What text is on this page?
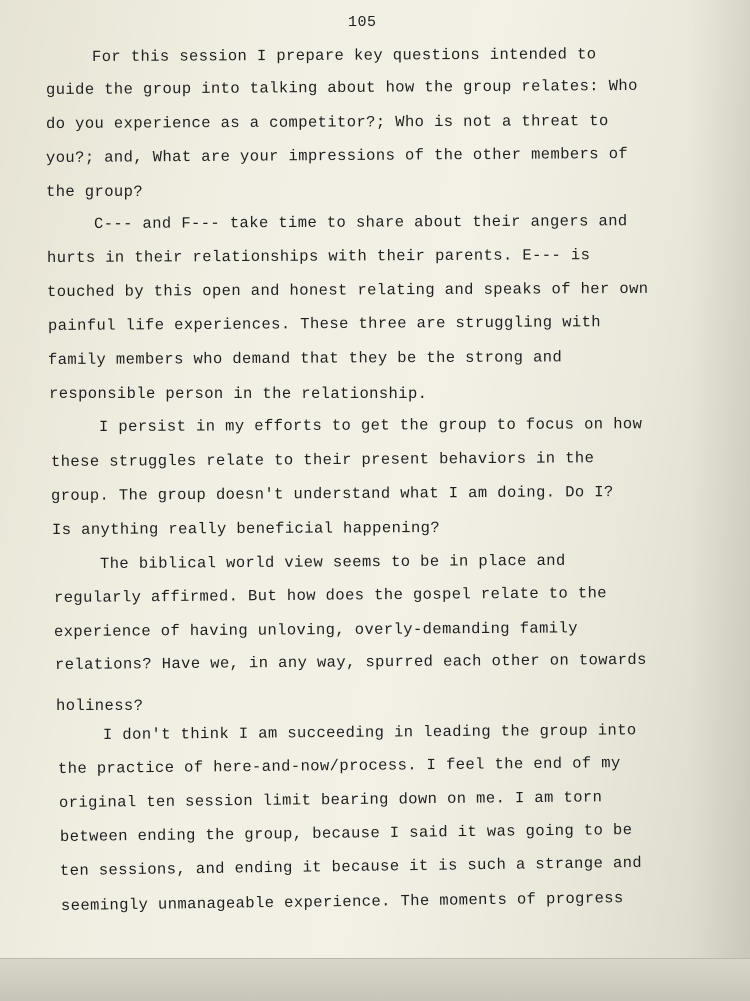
105
For this session I prepare key questions intended to
guide the group into talking about how the group relates: Who
do you experience as a competitor?; Who is not a threat to
you?; and, What are your impressions of the other members of
the group?
C--- and F--- take time to share about their angers and
hurts in their relationships with their parents. E--- is
touched by this open and honest relating and speaks of her own
painful life experiences. These three are struggling with
family members who demand that they be the strong and
responsible person in the relationship.
I persist in my efforts to get the group to focus on how
these struggles relate to their present behaviors in the
group. The group doesn't understand what I am doing. Do I?
Is anything really beneficial happening?
The biblical world view seems to be in place and
regularly affirmed. But how does the gospel relate to the
experience of having unloving, overly-demanding family
relations? Have we, in any way, spurred each other on towards
holiness?
I don't think I am succeeding in leading the group into
the practice of here-and-now/process. I feel the end of my
original ten session limit bearing down on me. I am torn
between ending the group, because I said it was going to be
ten sessions, and ending it because it is such a strange and
seemingly unmanageable experience. The moments of progress
